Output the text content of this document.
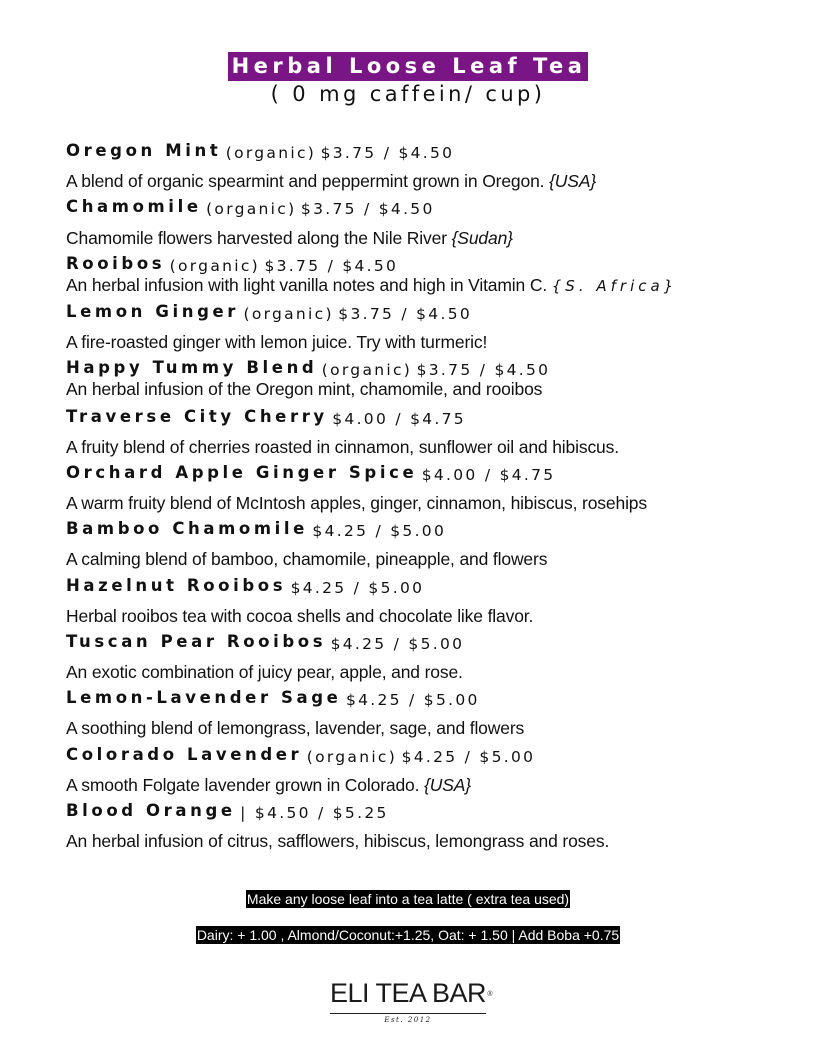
Herbal Loose Leaf Tea
( 0 mg caffein/ cup)
Oregon Mint (organic) $3.75 / $4.50
A blend of organic spearmint and peppermint grown in Oregon. {USA}
Chamomile (organic) $3.75 / $4.50
Chamomile flowers harvested along the Nile River {Sudan}
Rooibos (organic) $3.75 / $4.50
An herbal infusion with light vanilla notes and high in Vitamin C. {S. Africa}
Lemon Ginger (organic) $3.75 / $4.50
A fire-roasted ginger with lemon juice. Try with turmeric!
Happy Tummy Blend (organic) $3.75 / $4.50
An herbal infusion of the Oregon mint, chamomile, and rooibos
Traverse City Cherry $4.00 / $4.75
A fruity blend of cherries roasted in cinnamon, sunflower oil and hibiscus.
Orchard Apple Ginger Spice $4.00 / $4.75
A warm fruity blend of McIntosh apples, ginger, cinnamon, hibiscus, rosehips
Bamboo Chamomile $4.25 / $5.00
A calming blend of bamboo, chamomile, pineapple, and flowers
Hazelnut Rooibos $4.25 / $5.00
Herbal rooibos tea with cocoa shells and chocolate like flavor.
Tuscan Pear Rooibos $4.25 / $5.00
An exotic combination of juicy pear, apple, and rose.
Lemon-Lavender Sage $4.25 / $5.00
A soothing blend of lemongrass, lavender, sage, and flowers
Colorado Lavender (organic) $4.25 / $5.00
A smooth Folgate lavender grown in Colorado. {USA}
Blood Orange | $4.50 / $5.25
An herbal infusion of citrus, safflowers, hibiscus, lemongrass and roses.
Make any loose leaf into a tea latte ( extra tea used)
Dairy: + 1.00 , Almond/Coconut:+1.25, Oat: + 1.50 | Add Boba +0.75
ELI TEA BAR ®
Est. 2012
